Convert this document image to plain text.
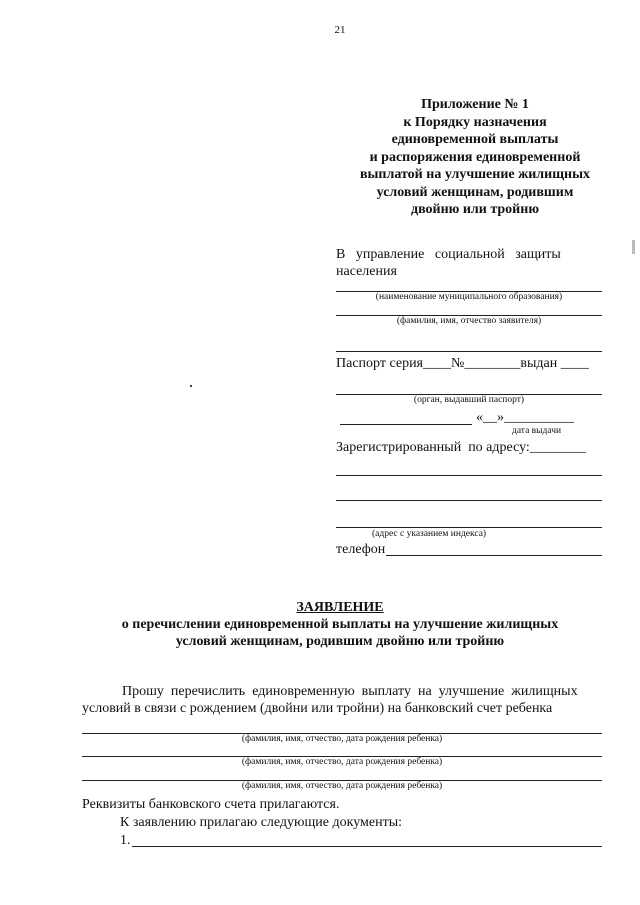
21
Приложение № 1
к Порядку назначения
единовременной выплаты
и распоряжения единовременной
выплатой на улучшение жилищных
условий женщинам, родившим
двойню или тройню
В   управление   социальной   защиты
населения
(наименование муниципального образования)
(фамилия, имя, отчество заявителя)
Паспорт серия____№________выдан ____
(орган, выдавший паспорт)
«__»__________
дата выдачи
Зарегистрированный  по адресу:________
(адрес с указанием индекса)
телефон
ЗАЯВЛЕНИЕ
о перечислении единовременной выплаты на улучшение жилищных
условий женщинам, родившим двойню или тройню
Прошу  перечислить  единовременную  выплату  на  улучшение  жилищных
условий в связи с рождением (двойни или тройни) на банковский счет ребенка
(фамилия, имя, отчество, дата рождения ребенка)
(фамилия, имя, отчество, дата рождения ребенка)
(фамилия, имя, отчество, дата рождения ребенка)
Реквизиты банковского счета прилагаются.
К заявлению прилагаю следующие документы:
1.
